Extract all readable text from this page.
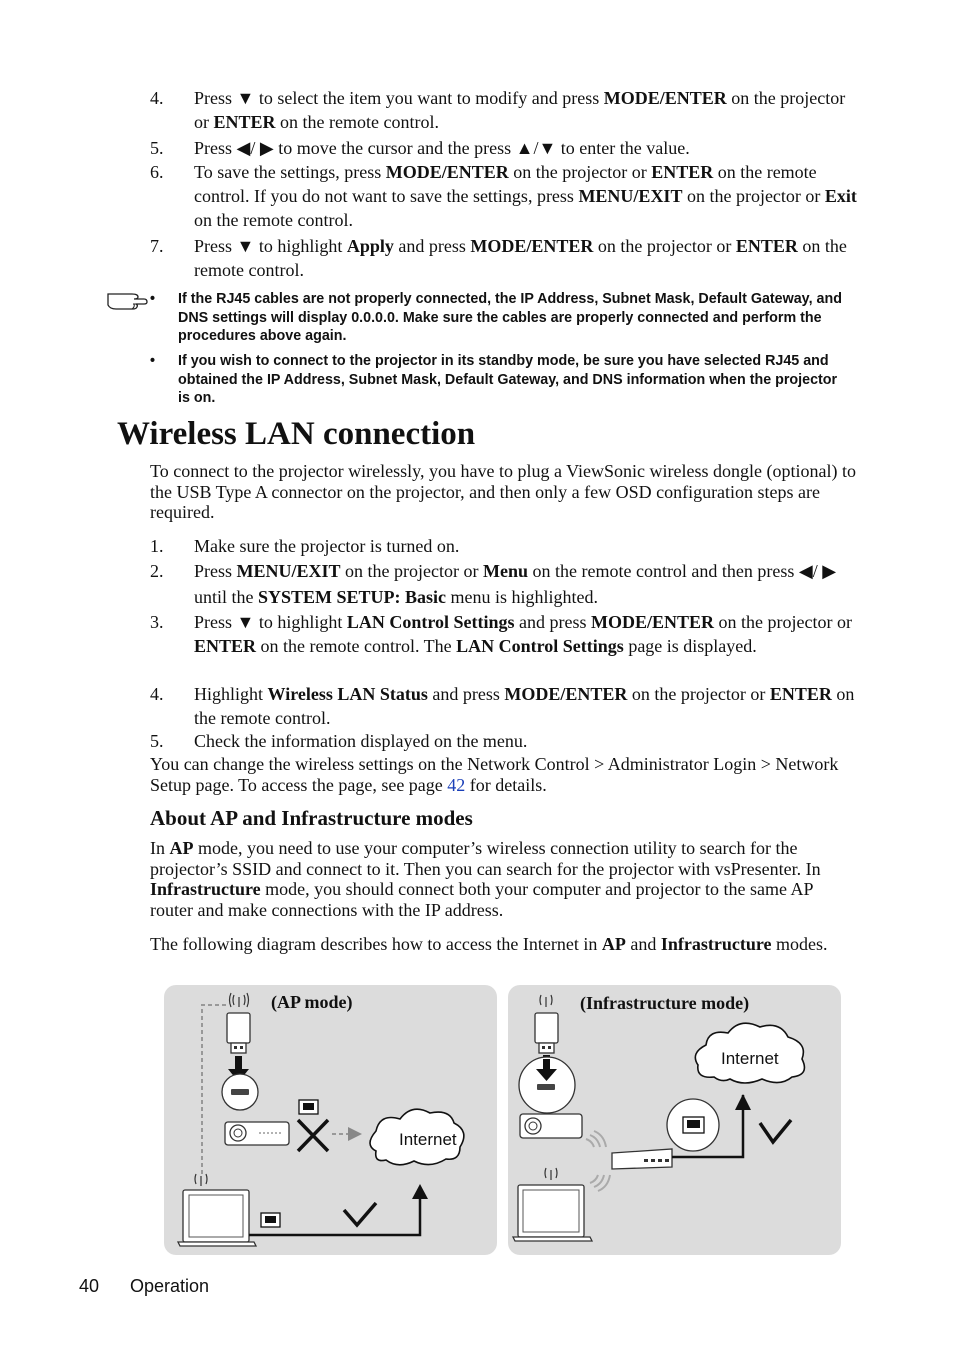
4. Press ▼ to select the item you want to modify and press MODE/ENTER on the projector or ENTER on the remote control.
5. Press ◀/ ▶ to move the cursor and the press ▲/▼ to enter the value.
6. To save the settings, press MODE/ENTER on the projector or ENTER on the remote control. If you do not want to save the settings, press MENU/EXIT on the projector or Exit on the remote control.
7. Press ▼ to highlight Apply and press MODE/ENTER on the projector or ENTER on the remote control.
• If the RJ45 cables are not properly connected, the IP Address, Subnet Mask, Default Gateway, and DNS settings will display 0.0.0.0. Make sure the cables are properly connected and perform the procedures above again.
• If you wish to connect to the projector in its standby mode, be sure you have selected RJ45 and obtained the IP Address, Subnet Mask, Default Gateway, and DNS information when the projector is on.
Wireless LAN connection
To connect to the projector wirelessly, you have to plug a ViewSonic wireless dongle (optional) to the USB Type A connector on the projector, and then only a few OSD configuration steps are required.
1. Make sure the projector is turned on.
2. Press MENU/EXIT on the projector or Menu on the remote control and then press ◀/ ▶ until the SYSTEM SETUP: Basic menu is highlighted.
3. Press ▼ to highlight LAN Control Settings and press MODE/ENTER on the projector or ENTER on the remote control. The LAN Control Settings page is displayed.
4. Highlight Wireless LAN Status and press MODE/ENTER on the projector or ENTER on the remote control.
5. Check the information displayed on the menu.
You can change the wireless settings on the Network Control > Administrator Login > Network Setup page. To access the page, see page 42 for details.
About AP and Infrastructure modes
In AP mode, you need to use your computer’s wireless connection utility to search for the projector’s SSID and connect to it. Then you can search for the projector with vsPresenter. In Infrastructure mode, you should connect both your computer and projector to the same AP router and make connections with the IP address.
The following diagram describes how to access the Internet in AP and Infrastructure modes.
(AP mode)
Internet
(Infrastructure mode)
Internet
40 Operation
